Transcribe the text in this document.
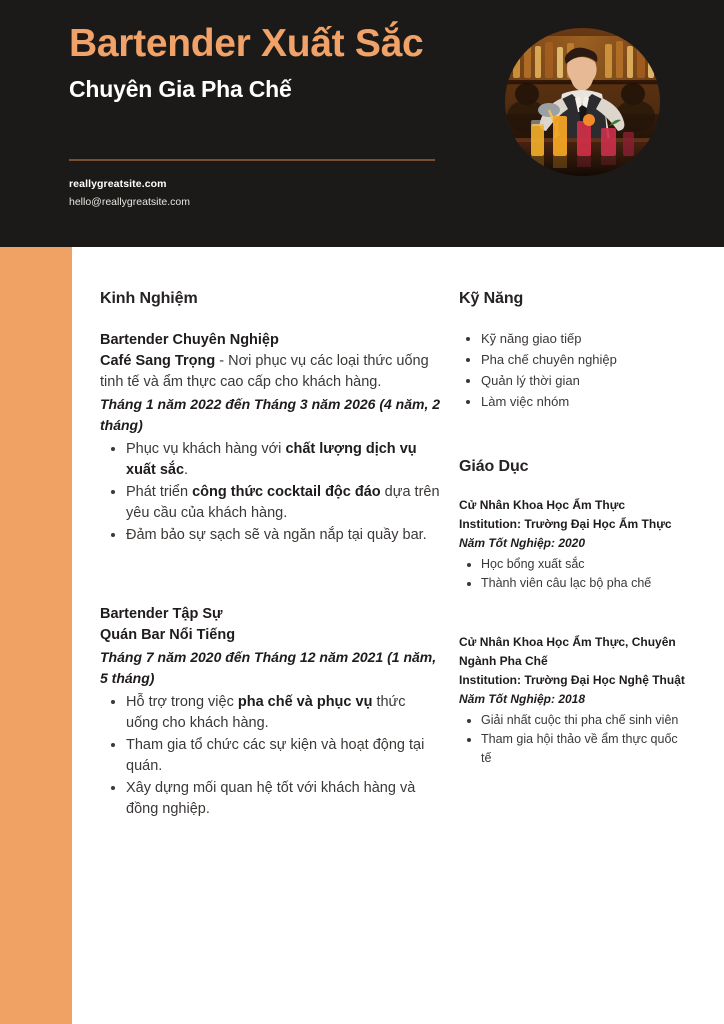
Bartender Xuất Sắc
Chuyên Gia Pha Chế
reallygreatsite.com
hello@reallygreatsite.com
Kinh Nghiệm
Bartender Chuyên Nghiệp
Café Sang Trọng - Nơi phục vụ các loại thức uống tinh tế và ẩm thực cao cấp cho khách hàng.
Tháng 1 năm 2022 đến Tháng 3 năm 2026 (4 năm, 2 tháng)
• Phục vụ khách hàng với chất lượng dịch vụ xuất sắc.
• Phát triển công thức cocktail độc đáo dựa trên yêu cầu của khách hàng.
• Đảm bảo sự sạch sẽ và ngăn nắp tại quầy bar.
Bartender Tập Sự
Quán Bar Nổi Tiếng
Tháng 7 năm 2020 đến Tháng 12 năm 2021 (1 năm, 5 tháng)
• Hỗ trợ trong việc pha chế và phục vụ thức uống cho khách hàng.
• Tham gia tổ chức các sự kiện và hoạt động tại quán.
• Xây dựng mối quan hệ tốt với khách hàng và đồng nghiệp.
Kỹ Năng
• Kỹ năng giao tiếp
• Pha chế chuyên nghiệp
• Quản lý thời gian
• Làm việc nhóm
Giáo Dục
Cử Nhân Khoa Học Ẩm Thực
Institution: Trường Đại Học Ẩm Thực
Năm Tốt Nghiệp: 2020
• Học bổng xuất sắc
• Thành viên câu lạc bộ pha chế
Cử Nhân Khoa Học Ẩm Thực, Chuyên Ngành Pha Chế
Institution: Trường Đại Học Nghệ Thuật
Năm Tốt Nghiệp: 2018
• Giải nhất cuộc thi pha chế sinh viên
• Tham gia hội thảo về ẩm thực quốc tế
